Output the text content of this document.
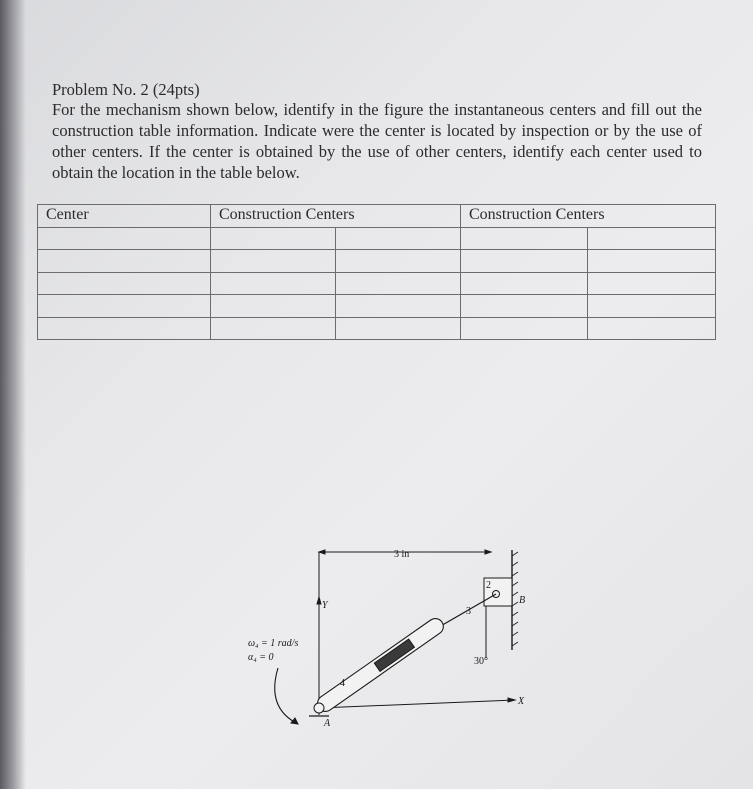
Problem No. 2 (24pts)

For the mechanism shown below, identify in the figure the instantaneous centers and fill out the construction table information. Indicate were the center is located by inspection or by the use of other centers. If the center is obtained by the use of other centers, identify each center used to obtain the location in the table below.

Center	Construction Centers		Construction Centers	

3 in
Y
X
B
A
2
3
4
30°
ω₄ = 1 rad/s
α₄ = 0
